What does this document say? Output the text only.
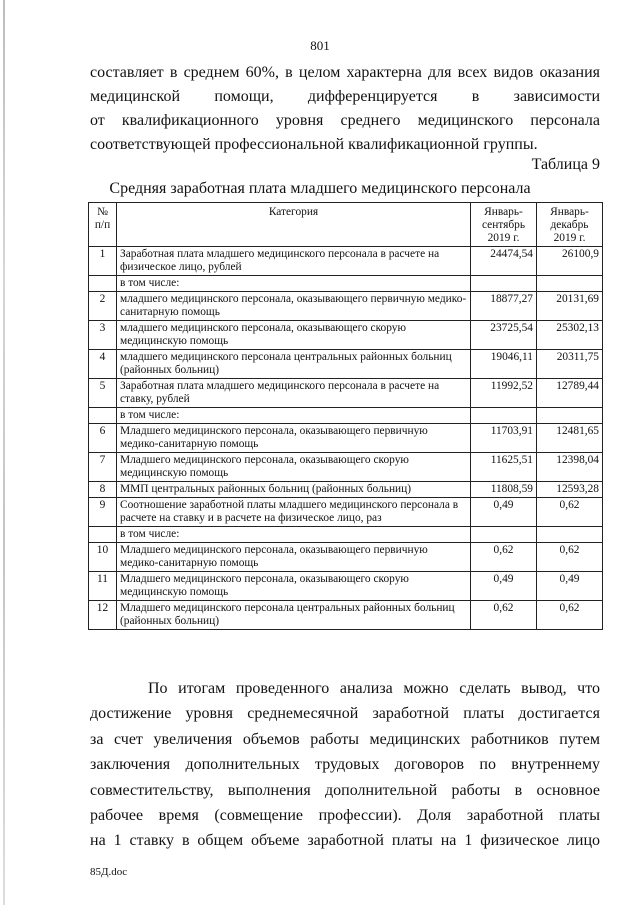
801
составляет в среднем 60%, в целом характерна для всех видов оказания
медицинской помощи, дифференцируется в зависимости
от квалификационного уровня среднего медицинского персонала
соответствующей профессиональной квалификационной группы.
Таблица 9
Средняя заработная плата младшего медицинского персонала
№ п/п	Категория	Январь-сентябрь 2019 г.	Январь-декабрь 2019 г.
1	Заработная плата младшего медицинского персонала в расчете на физическое лицо, рублей	24474,54	26100,9
	в том числе:		
2	младшего медицинского персонала, оказывающего первичную медико-санитарную помощь	18877,27	20131,69
3	младшего медицинского персонала, оказывающего скорую медицинскую помощь	23725,54	25302,13
4	младшего медицинского персонала центральных районных больниц (районных больниц)	19046,11	20311,75
5	Заработная плата младшего медицинского персонала в расчете на ставку, рублей	11992,52	12789,44
	в том числе:		
6	Младшего медицинского персонала, оказывающего первичную медико-санитарную помощь	11703,91	12481,65
7	Младшего медицинского персонала, оказывающего скорую медицинскую помощь	11625,51	12398,04
8	ММП центральных районных больниц (районных больниц)	11808,59	12593,28
9	Соотношение заработной платы младшего медицинского персонала в расчете на ставку и в расчете на физическое лицо, раз	0,49	0,62
	в том числе:		
10	Младшего медицинского персонала, оказывающего первичную медико-санитарную помощь	0,62	0,62
11	Младшего медицинского персонала, оказывающего скорую медицинскую помощь	0,49	0,49
12	Младшего медицинского персонала центральных районных больниц (районных больниц)	0,62	0,62
По итогам проведенного анализа можно сделать вывод, что
достижение уровня среднемесячной заработной платы достигается
за счет увеличения объемов работы медицинских работников путем
заключения дополнительных трудовых договоров по внутреннему
совместительству, выполнения дополнительной работы в основное
рабочее время (совмещение профессии). Доля заработной платы
на 1 ставку в общем объеме заработной платы на 1 физическое лицо
85Д.doc
